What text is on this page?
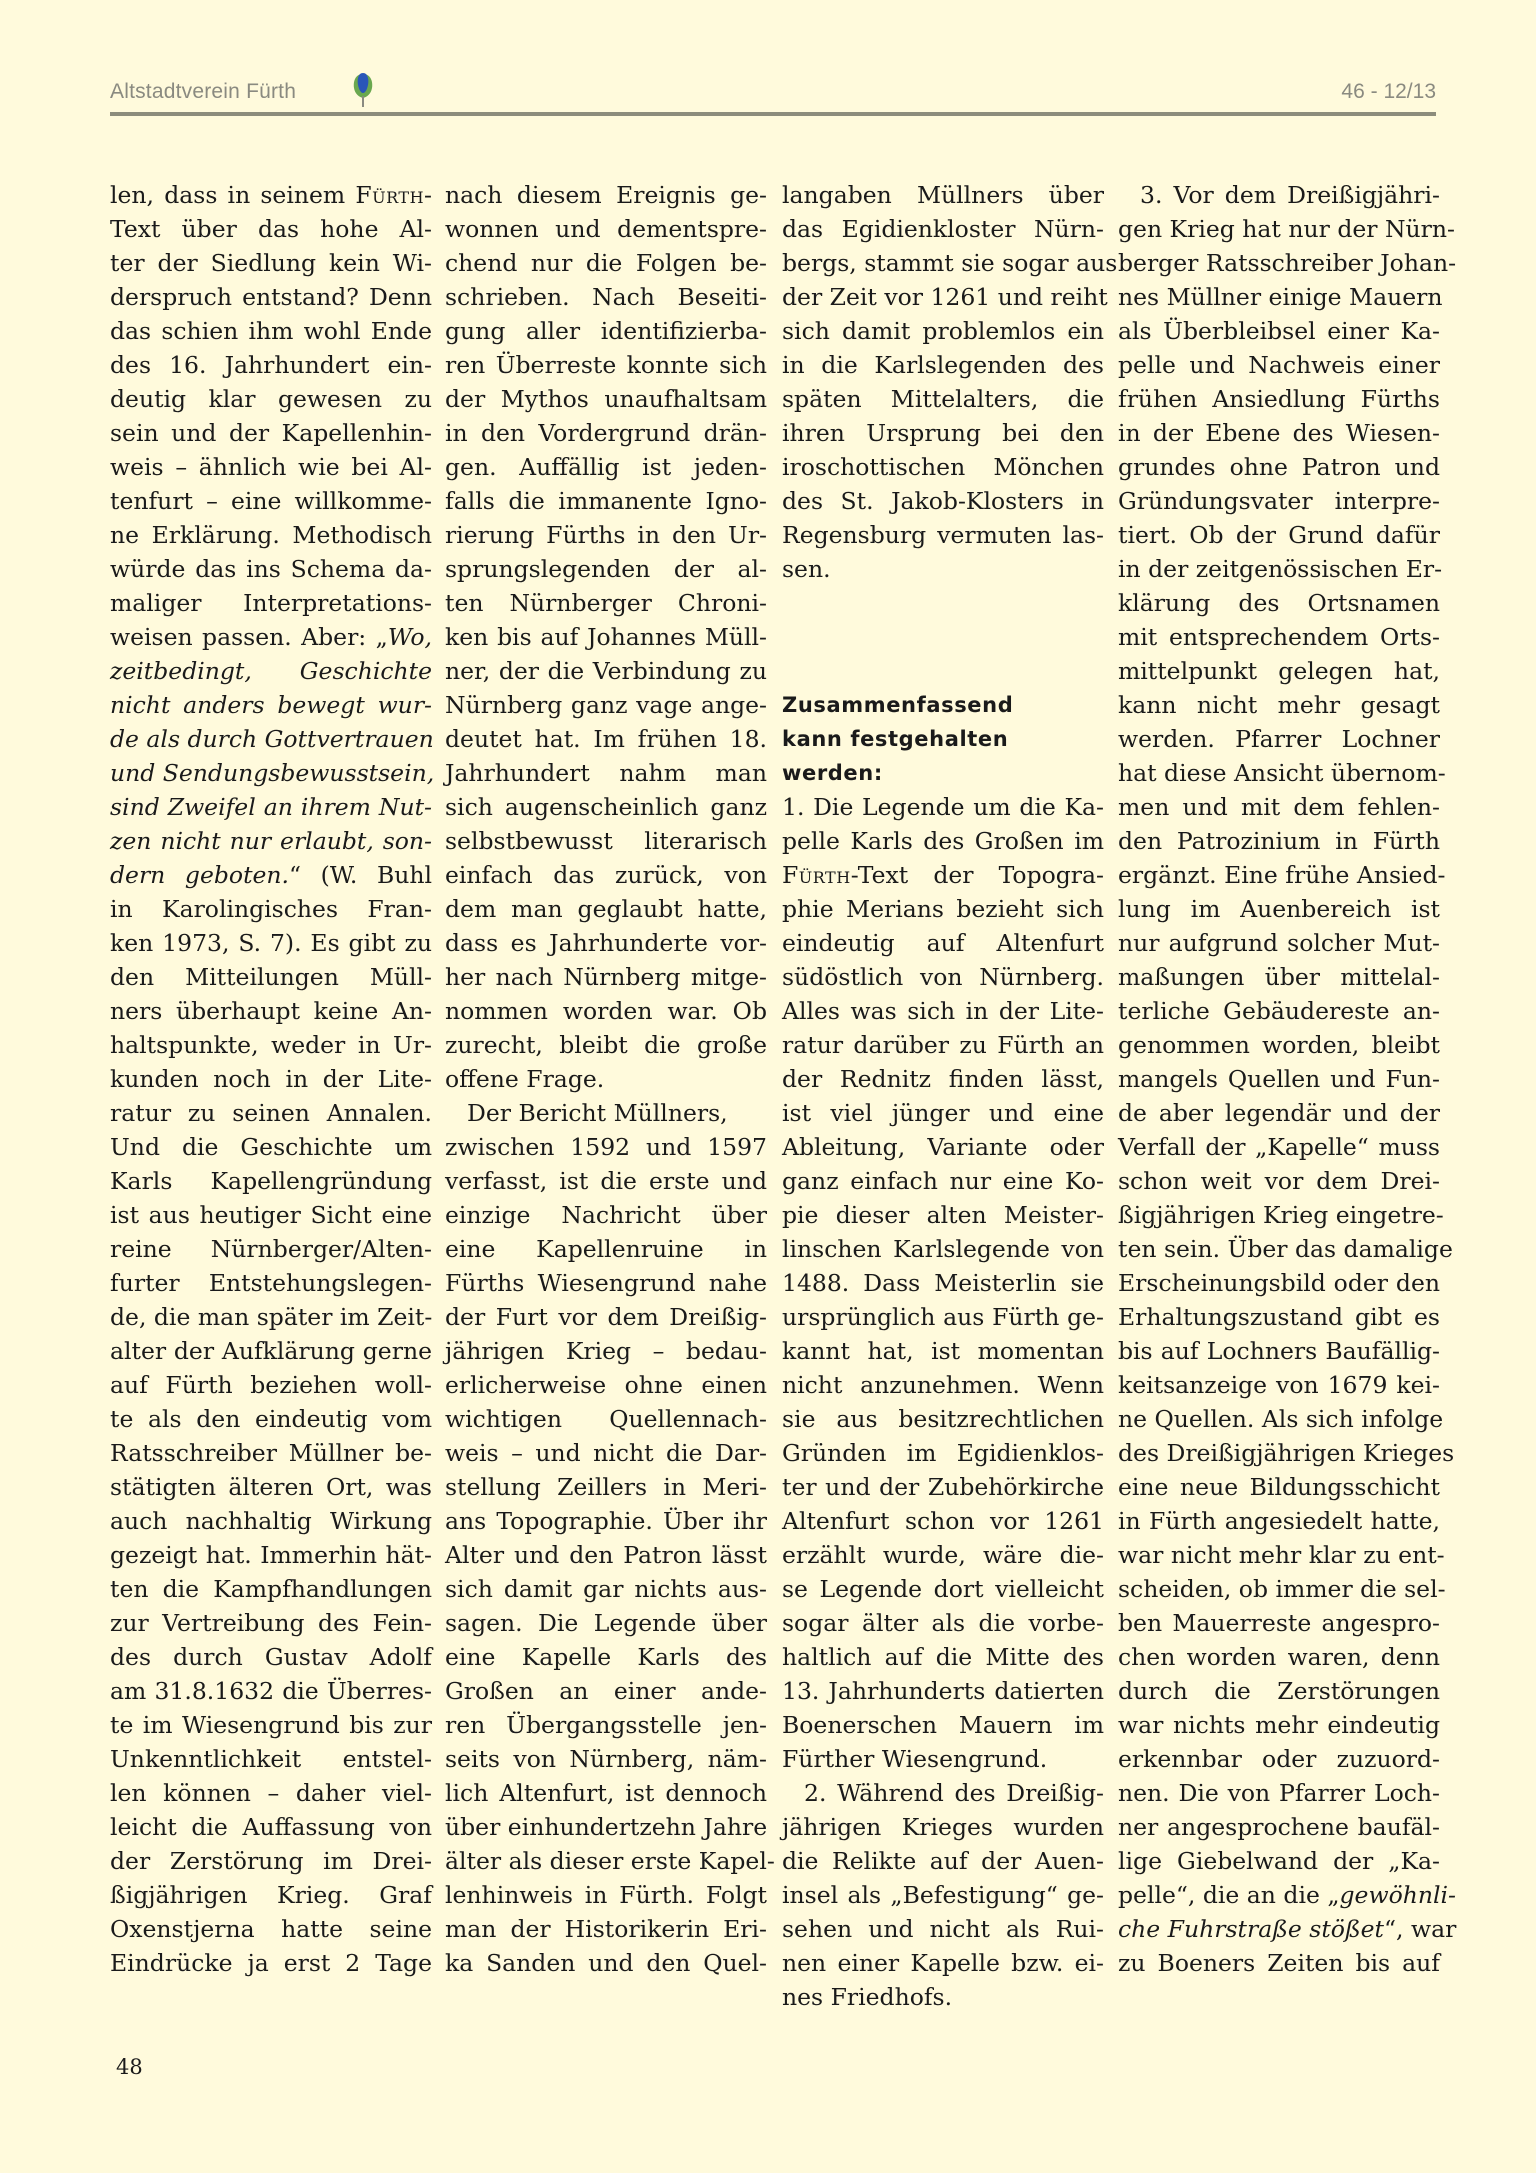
Altstadtverein Fürth	46 - 12/13
len, dass in seinem Fürth-
Text über das hohe Al-
ter der Siedlung kein Wi-
derspruch entstand? Denn
das schien ihm wohl Ende
des 16. Jahrhundert ein-
deutig klar gewesen zu
sein und der Kapellenhin-
weis – ähnlich wie bei Al-
tenfurt – eine willkomme-
ne Erklärung. Methodisch
würde das ins Schema da-
maliger Interpretations-
weisen passen. Aber: „Wo,
zeitbedingt, Geschichte
nicht anders bewegt wur-
de als durch Gottvertrauen
und Sendungsbewusstsein,
sind Zweifel an ihrem Nut-
zen nicht nur erlaubt, son-
dern geboten.“ (W. Buhl
in Karolingisches Fran-
ken 1973, S. 7). Es gibt zu
den Mitteilungen Müll-
ners überhaupt keine An-
haltspunkte, weder in Ur-
kunden noch in der Lite-
ratur zu seinen Annalen.
Und die Geschichte um
Karls Kapellengründung
ist aus heutiger Sicht eine
reine Nürnberger/Alten-
furter Entstehungslegen-
de, die man später im Zeit-
alter der Aufklärung gerne
auf Fürth beziehen woll-
te als den eindeutig vom
Ratsschreiber Müllner be-
stätigten älteren Ort, was
auch nachhaltig Wirkung
gezeigt hat. Immerhin hät-
ten die Kampfhandlungen
zur Vertreibung des Fein-
des durch Gustav Adolf
am 31.8.1632 die Überres-
te im Wiesengrund bis zur
Unkenntlichkeit entstel-
len können – daher viel-
leicht die Auffassung von
der Zerstörung im Drei-
ßigjährigen Krieg. Graf
Oxenstjerna hatte seine
Eindrücke ja erst 2 Tage
nach diesem Ereignis ge-
wonnen und dementspre-
chend nur die Folgen be-
schrieben. Nach Beseiti-
gung aller identifizierba-
ren Überreste konnte sich
der Mythos unaufhaltsam
in den Vordergrund drän-
gen. Auffällig ist jeden-
falls die immanente Igno-
rierung Fürths in den Ur-
sprungslegenden der al-
ten Nürnberger Chroni-
ken bis auf Johannes Müll-
ner, der die Verbindung zu
Nürnberg ganz vage ange-
deutet hat. Im frühen 18.
Jahrhundert nahm man
sich augenscheinlich ganz
selbstbewusst literarisch
einfach das zurück, von
dem man geglaubt hatte,
dass es Jahrhunderte vor-
her nach Nürnberg mitge-
nommen worden war. Ob
zurecht, bleibt die große
offene Frage.
Der Bericht Müllners,
zwischen 1592 und 1597
verfasst, ist die erste und
einzige Nachricht über
eine Kapellenruine in
Fürths Wiesengrund nahe
der Furt vor dem Dreißig-
jährigen Krieg – bedau-
erlicherweise ohne einen
wichtigen Quellennach-
weis – und nicht die Dar-
stellung Zeillers in Meri-
ans Topographie. Über ihr
Alter und den Patron lässt
sich damit gar nichts aus-
sagen. Die Legende über
eine Kapelle Karls des
Großen an einer ande-
ren Übergangsstelle jen-
seits von Nürnberg, näm-
lich Altenfurt, ist dennoch
über einhundertzehn Jahre
älter als dieser erste Kapel-
lenhinweis in Fürth. Folgt
man der Historikerin Eri-
ka Sanden und den Quel-
langaben Müllners über
das Egidienkloster Nürn-
bergs, stammt sie sogar aus
der Zeit vor 1261 und reiht
sich damit problemlos ein
in die Karlslegenden des
späten Mittelalters, die
ihren Ursprung bei den
iroschottischen Mönchen
des St. Jakob-Klosters in
Regensburg vermuten las-
sen.
Zusammenfassend
kann festgehalten
werden:
1. Die Legende um die Ka-
pelle Karls des Großen im
Fürth-Text der Topogra-
phie Merians bezieht sich
eindeutig auf Altenfurt
südöstlich von Nürnberg.
Alles was sich in der Lite-
ratur darüber zu Fürth an
der Rednitz finden lässt,
ist viel jünger und eine
Ableitung, Variante oder
ganz einfach nur eine Ko-
pie dieser alten Meister-
linschen Karlslegende von
1488. Dass Meisterlin sie
ursprünglich aus Fürth ge-
kannt hat, ist momentan
nicht anzunehmen. Wenn
sie aus besitzrechtlichen
Gründen im Egidienklos-
ter und der Zubehörkirche
Altenfurt schon vor 1261
erzählt wurde, wäre die-
se Legende dort vielleicht
sogar älter als die vorbe-
haltlich auf die Mitte des
13. Jahrhunderts datierten
Boenerschen Mauern im
Fürther Wiesengrund.
2. Während des Dreißig-
jährigen Krieges wurden
die Relikte auf der Auen-
insel als „Befestigung“ ge-
sehen und nicht als Rui-
nen einer Kapelle bzw. ei-
nes Friedhofs.
3. Vor dem Dreißigjähri-
gen Krieg hat nur der Nürn-
berger Ratsschreiber Johan-
nes Müllner einige Mauern
als Überbleibsel einer Ka-
pelle und Nachweis einer
frühen Ansiedlung Fürths
in der Ebene des Wiesen-
grundes ohne Patron und
Gründungsvater interpre-
tiert. Ob der Grund dafür
in der zeitgenössischen Er-
klärung des Ortsnamen
mit entsprechendem Orts-
mittelpunkt gelegen hat,
kann nicht mehr gesagt
werden. Pfarrer Lochner
hat diese Ansicht übernom-
men und mit dem fehlen-
den Patrozinium in Fürth
ergänzt. Eine frühe Ansied-
lung im Auenbereich ist
nur aufgrund solcher Mut-
maßungen über mittelal-
terliche Gebäudereste an-
genommen worden, bleibt
mangels Quellen und Fun-
de aber legendär und der
Verfall der „Kapelle“ muss
schon weit vor dem Drei-
ßigjährigen Krieg eingetre-
ten sein. Über das damalige
Erscheinungsbild oder den
Erhaltungszustand gibt es
bis auf Lochners Baufällig-
keitsanzeige von 1679 kei-
ne Quellen. Als sich infolge
des Dreißigjährigen Krieges
eine neue Bildungsschicht
in Fürth angesiedelt hatte,
war nicht mehr klar zu ent-
scheiden, ob immer die sel-
ben Mauerreste angespro-
chen worden waren, denn
durch die Zerstörungen
war nichts mehr eindeutig
erkennbar oder zuzuord-
nen. Die von Pfarrer Loch-
ner angesprochene baufäl-
lige Giebelwand der „Ka-
pelle“, die an die „gewöhnli-
che Fuhrstraße stößet“, war
zu Boeners Zeiten bis auf
48
